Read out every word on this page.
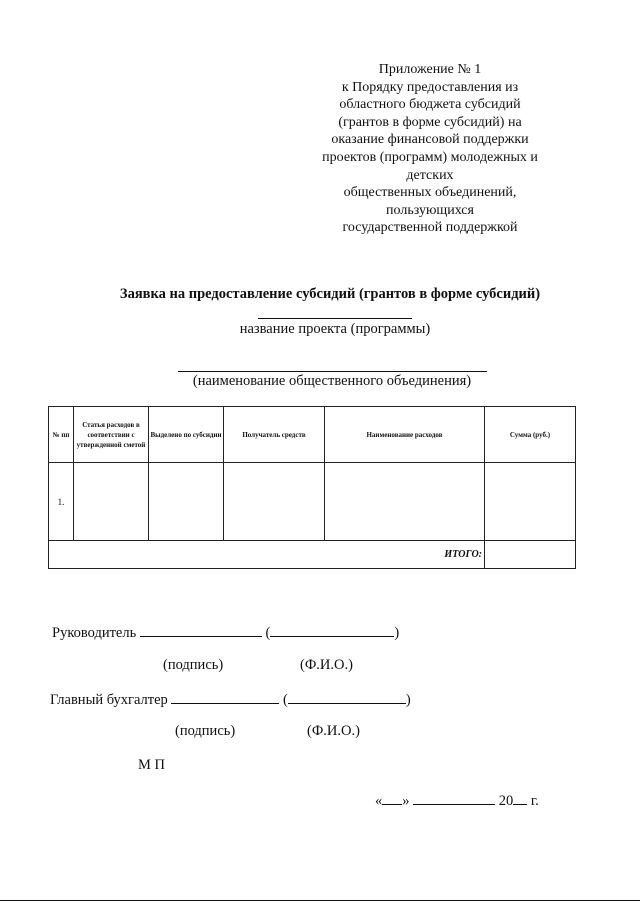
Приложение № 1
к Порядку предоставления из
областного бюджета субсидий
(грантов в форме субсидий) на
оказание финансовой поддержки
проектов (программ) молодежных и
детских
общественных объединений,
пользующихся
государственной поддержкой
Заявка на предоставление субсидий (грантов в форме субсидий)
название проекта (программы)
(наименование общественного объединения)
№ пп	Статья расходов в соответствии с утвержденной сметой	Выделено по субсидии	Получатель средств	Наименование расходов	Сумма (руб.)
1.					
ИТОГО:					
Руководитель	(	)
(подпись)	(Ф.И.О.)
Главный бухгалтер	(	)
(подпись)	(Ф.И.О.)
М П
« »	20 г.
